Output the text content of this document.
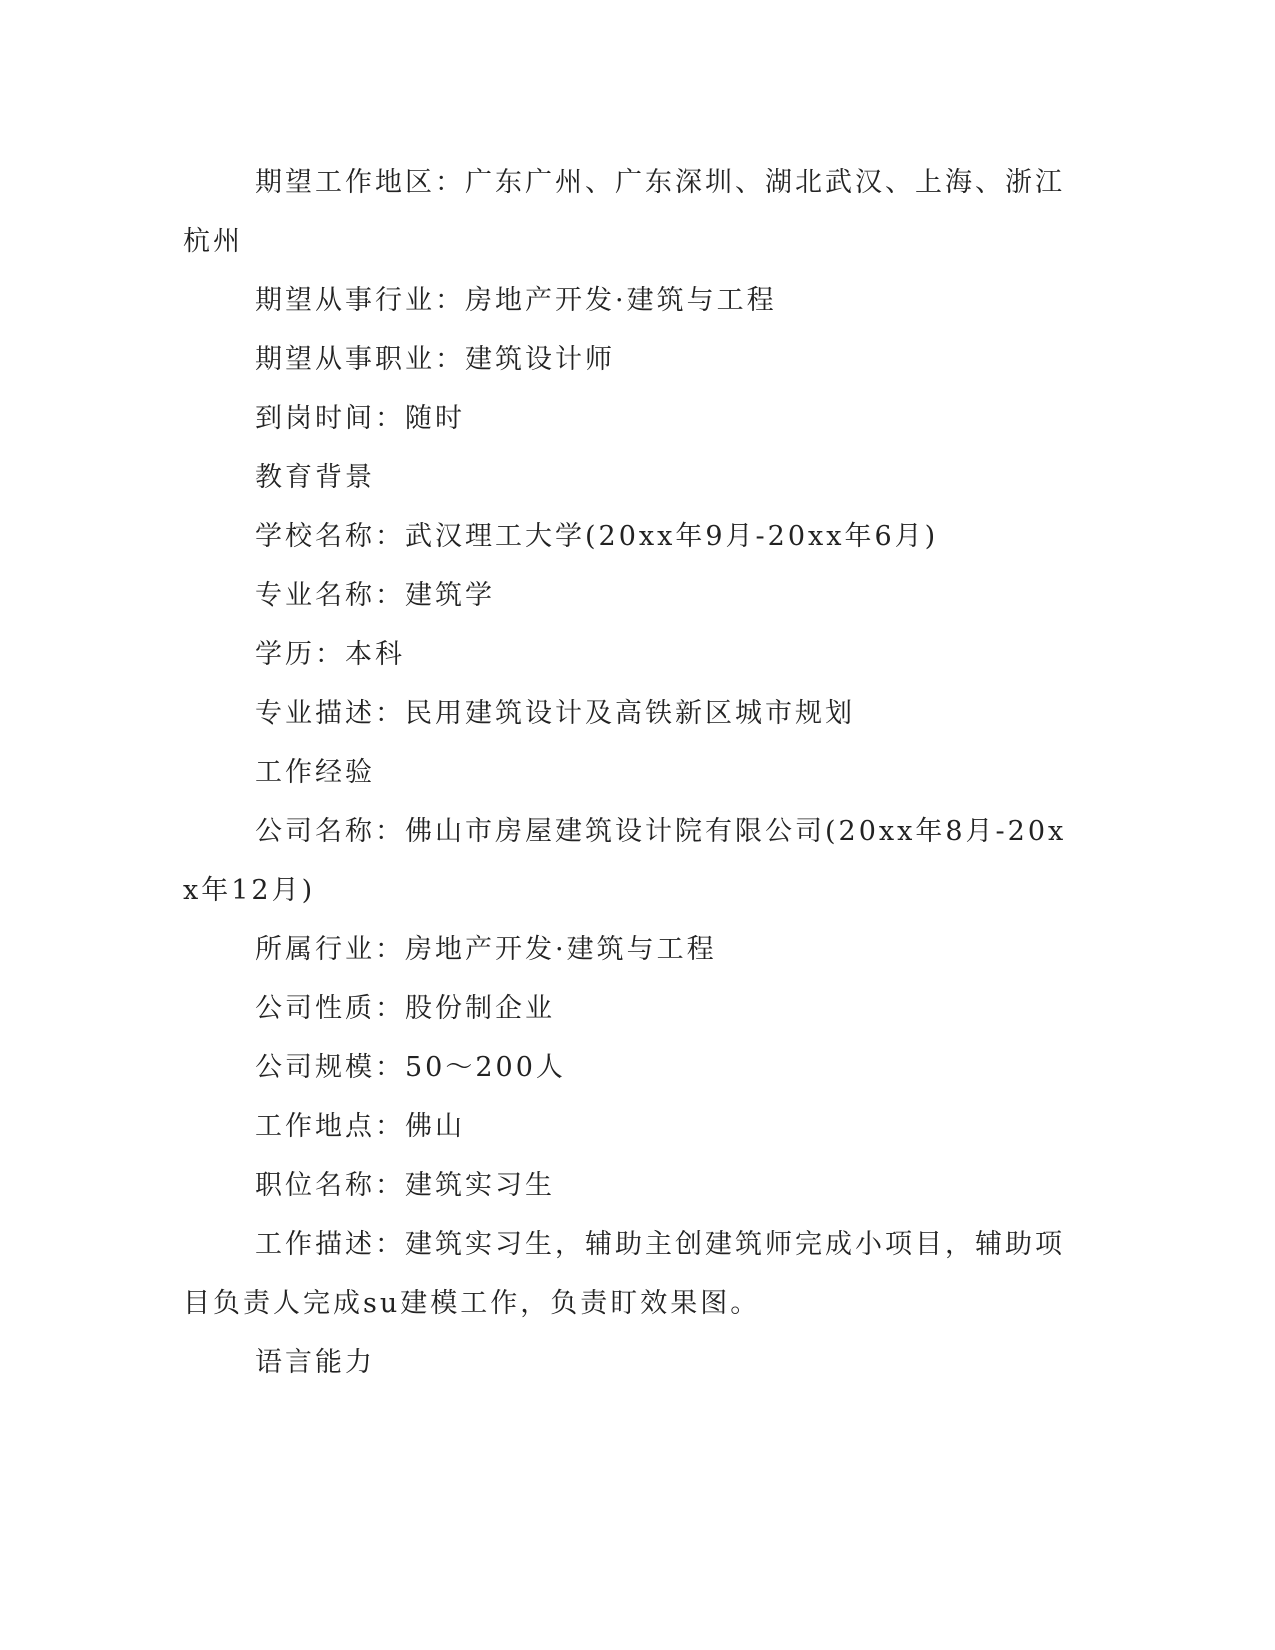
期望工作地区：广东广州、广东深圳、湖北武汉、上海、浙江杭州

期望从事行业：房地产开发·建筑与工程

期望从事职业：建筑设计师

到岗时间：随时

教育背景

学校名称：武汉理工大学(20xx年9月-20xx年6月)

专业名称：建筑学

学历：本科

专业描述：民用建筑设计及高铁新区城市规划

工作经验

公司名称：佛山市房屋建筑设计院有限公司(20xx年8月-20xx年12月)

所属行业：房地产开发·建筑与工程

公司性质：股份制企业

公司规模：50～200人

工作地点：佛山

职位名称：建筑实习生

工作描述：建筑实习生，辅助主创建筑师完成小项目，辅助项目负责人完成su建模工作，负责盯效果图。

语言能力
